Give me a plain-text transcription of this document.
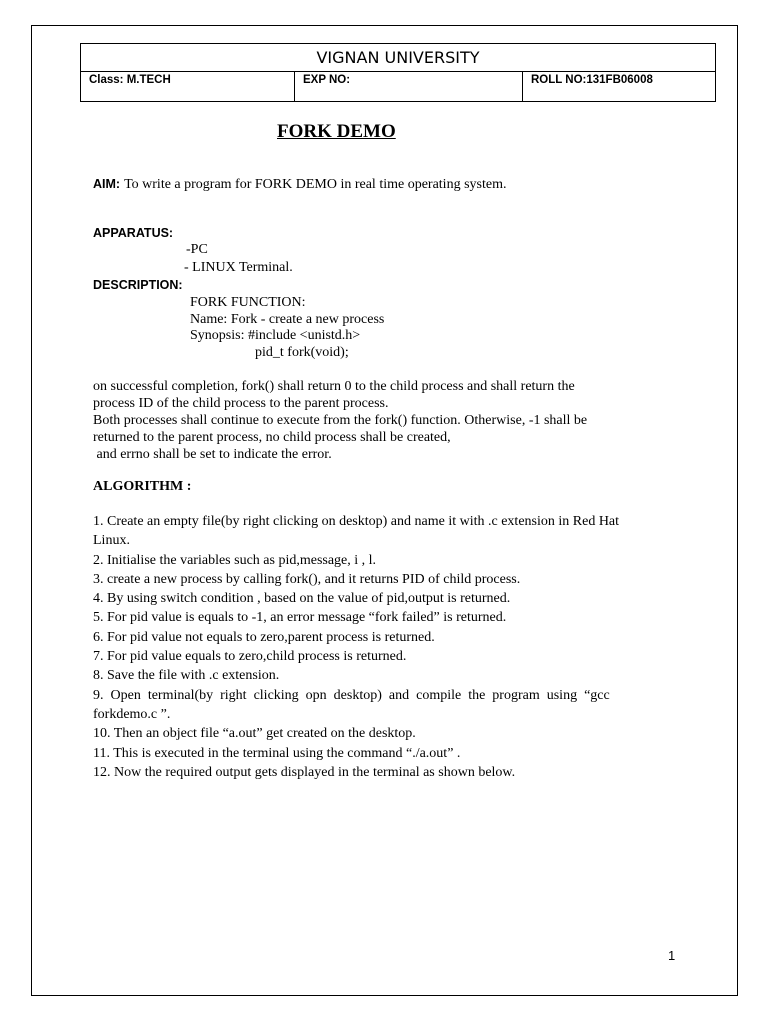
VIGNAN UNIVERSITY
Class: M.TECH	EXP NO:	ROLL NO:131FB06008
FORK DEMO
AIM: To write a program for FORK DEMO in real time operating system.
APPARATUS:
-PC
- LINUX Terminal.
DESCRIPTION:
FORK FUNCTION:
Name: Fork - create a new process
Synopsis: #include <unistd.h>
pid_t fork(void);
on successful completion, fork() shall return 0 to the child process and shall return the
process ID of the child process to the parent process.
Both processes shall continue to execute from the fork() function. Otherwise, -1 shall be
returned to the parent process, no child process shall be created,
and errno shall be set to indicate the error.
ALGORITHM :
1. Create an empty file(by right clicking on desktop) and name it with .c extension in Red Hat
Linux.
2. Initialise the variables such as pid,message, i , l.
3. create a new process by calling fork(), and it returns PID of child process.
4. By using switch condition , based on the value of pid,output is returned.
5. For pid value is equals to -1, an error message “fork failed” is returned.
6. For pid value not equals to zero,parent process is returned.
7. For pid value equals to zero,child process is returned.
8. Save the file with .c extension.
9.  Open  terminal(by  right  clicking  opn  desktop)  and  compile  the  program  using  “gcc
forkdemo.c ”.
10. Then an object file “a.out” get created on the desktop.
11. This is executed in the terminal using the command “./a.out” .
12. Now the required output gets displayed in the terminal as shown below.
1
